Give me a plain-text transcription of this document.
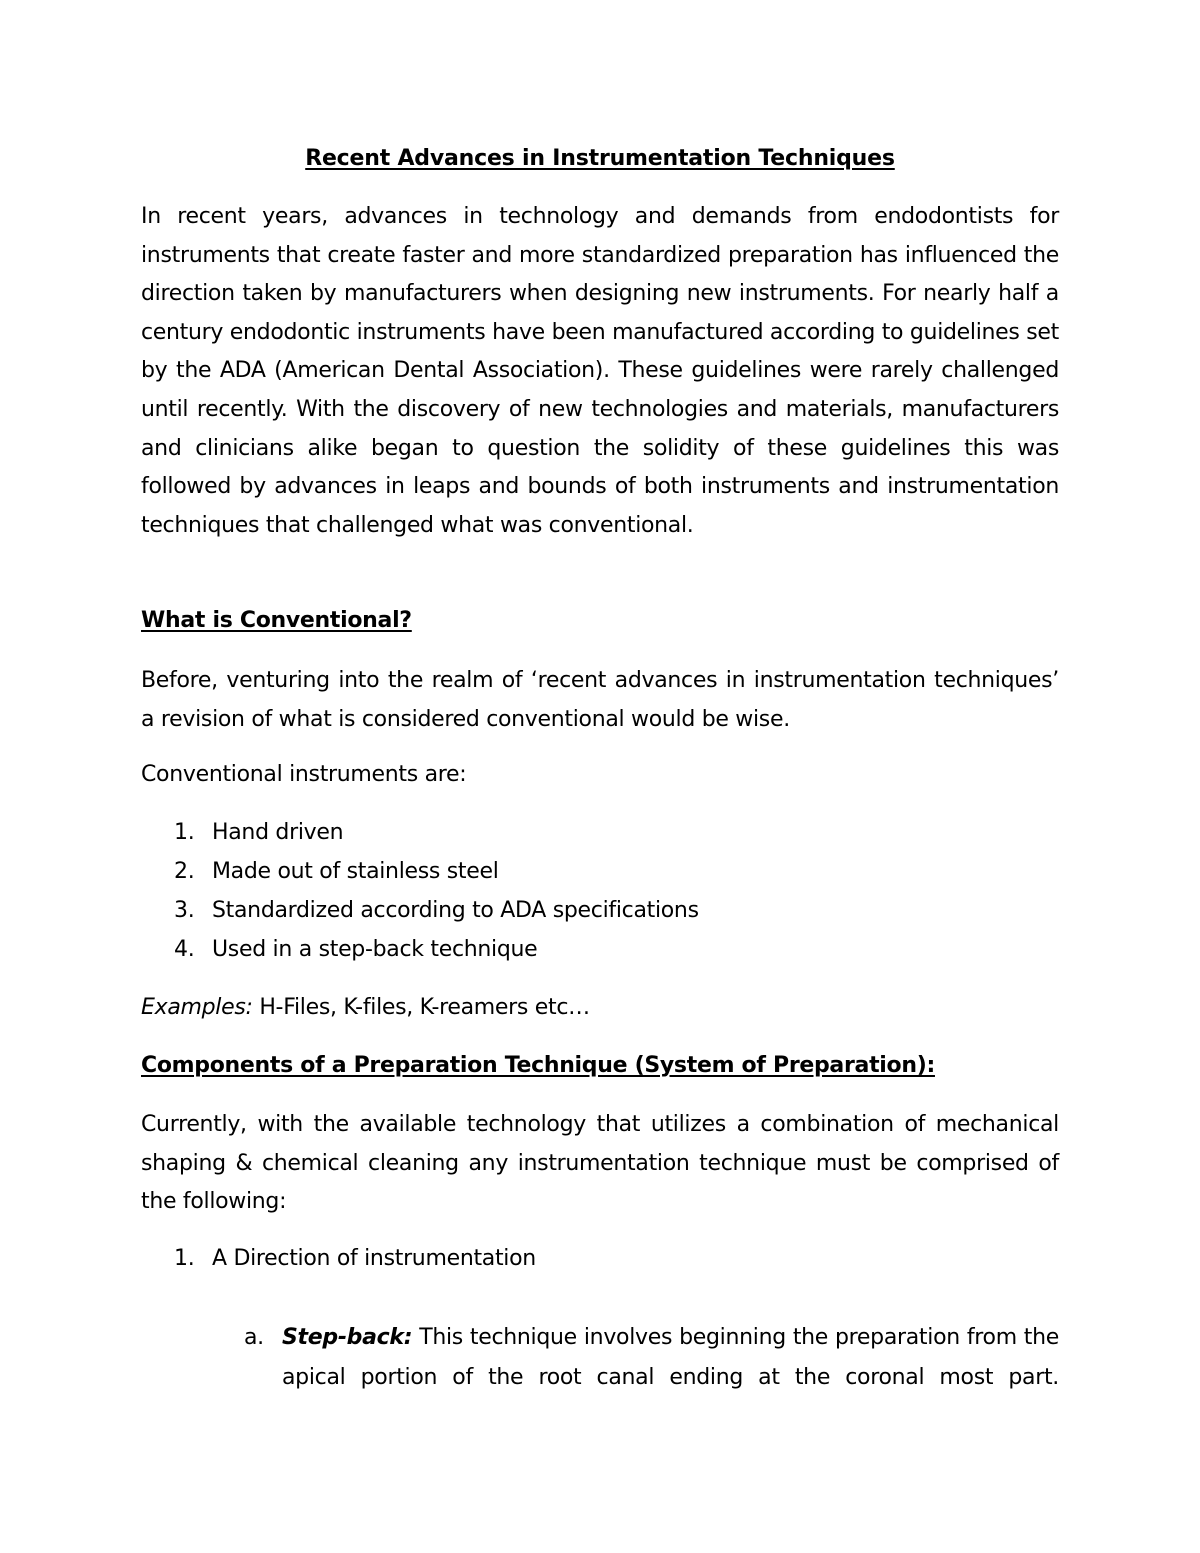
Recent Advances in Instrumentation Techniques

In recent years, advances in technology and demands from endodontists for instruments that create faster and more standardized preparation has influenced the direction taken by manufacturers when designing new instruments. For nearly half a century endodontic instruments have been manufactured according to guidelines set by the ADA (American Dental Association). These guidelines were rarely challenged until recently. With the discovery of new technologies and materials, manufacturers and clinicians alike began to question the solidity of these guidelines this was followed by advances in leaps and bounds of both instruments and instrumentation techniques that challenged what was conventional.

What is Conventional?

Before, venturing into the realm of ‘recent advances in instrumentation techniques’ a revision of what is considered conventional would be wise.

Conventional instruments are:

1. Hand driven
2. Made out of stainless steel
3. Standardized according to ADA specifications
4. Used in a step-back technique

Examples: H-Files, K-files, K-reamers etc…

Components of a Preparation Technique (System of Preparation):

Currently, with the available technology that utilizes a combination of mechanical shaping & chemical cleaning any instrumentation technique must be comprised of the following:

1. A Direction of instrumentation
a. Step-back: This technique involves beginning the preparation from the apical portion of the root canal ending at the coronal most part.
